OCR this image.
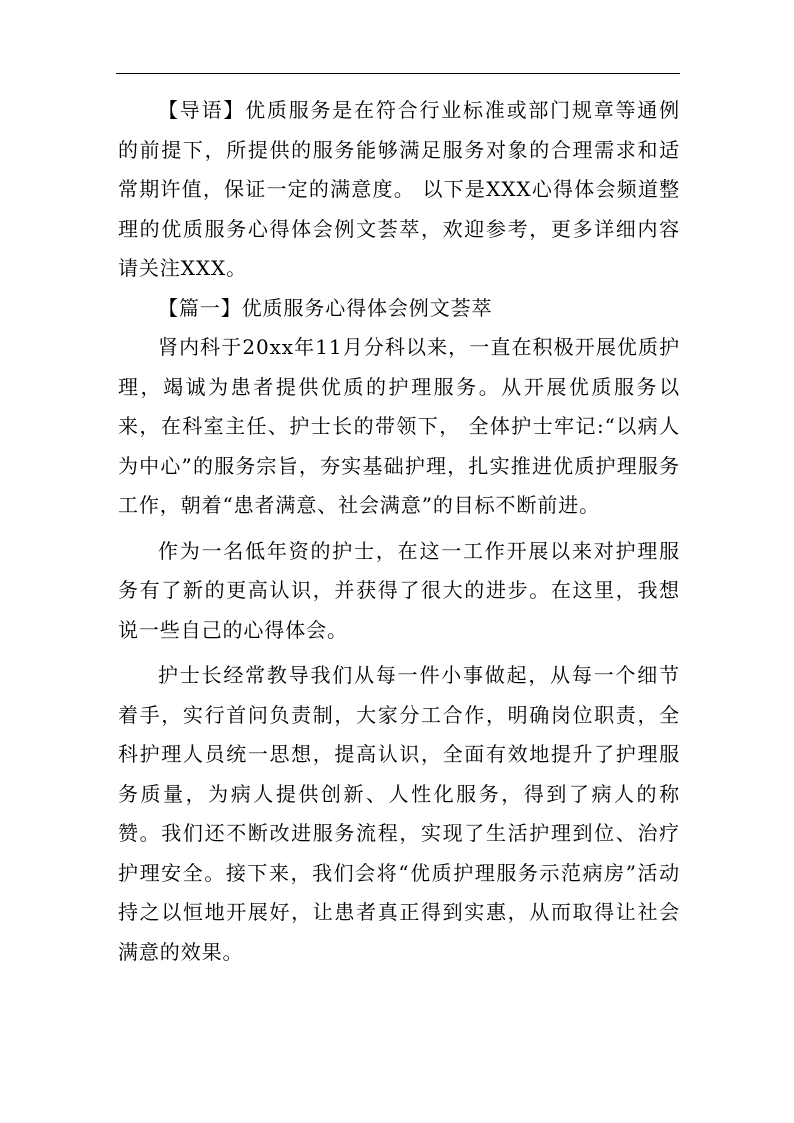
【导语】优质服务是在符合行业标准或部门规章等通例的前提下，所提供的服务能够满足服务对象的合理需求和适常期许值，保证一定的满意度。 以下是XXX心得体会频道整理的优质服务心得体会例文荟萃，欢迎参考，更多详细内容请关注XXX。

【篇一】优质服务心得体会例文荟萃

肾内科于20xx年11月分科以来，一直在积极开展优质护理，竭诚为患者提供优质的护理服务。从开展优质服务以来，在科室主任、护士长的带领下， 全体护士牢记:“以病人为中心”的服务宗旨，夯实基础护理，扎实推进优质护理服务工作，朝着“患者满意、社会满意”的目标不断前进。

作为一名低年资的护士，在这一工作开展以来对护理服务有了新的更高认识，并获得了很大的进步。在这里，我想说一些自己的心得体会。

护士长经常教导我们从每一件小事做起，从每一个细节着手，实行首问负责制，大家分工合作，明确岗位职责，全科护理人员统一思想，提高认识，全面有效地提升了护理服务质量，为病人提供创新、人性化服务，得到了病人的称赞。我们还不断改进服务流程，实现了生活护理到位、治疗护理安全。接下来，我们会将“优质护理服务示范病房”活动持之以恒地开展好，让患者真正得到实惠，从而取得让社会满意的效果。
